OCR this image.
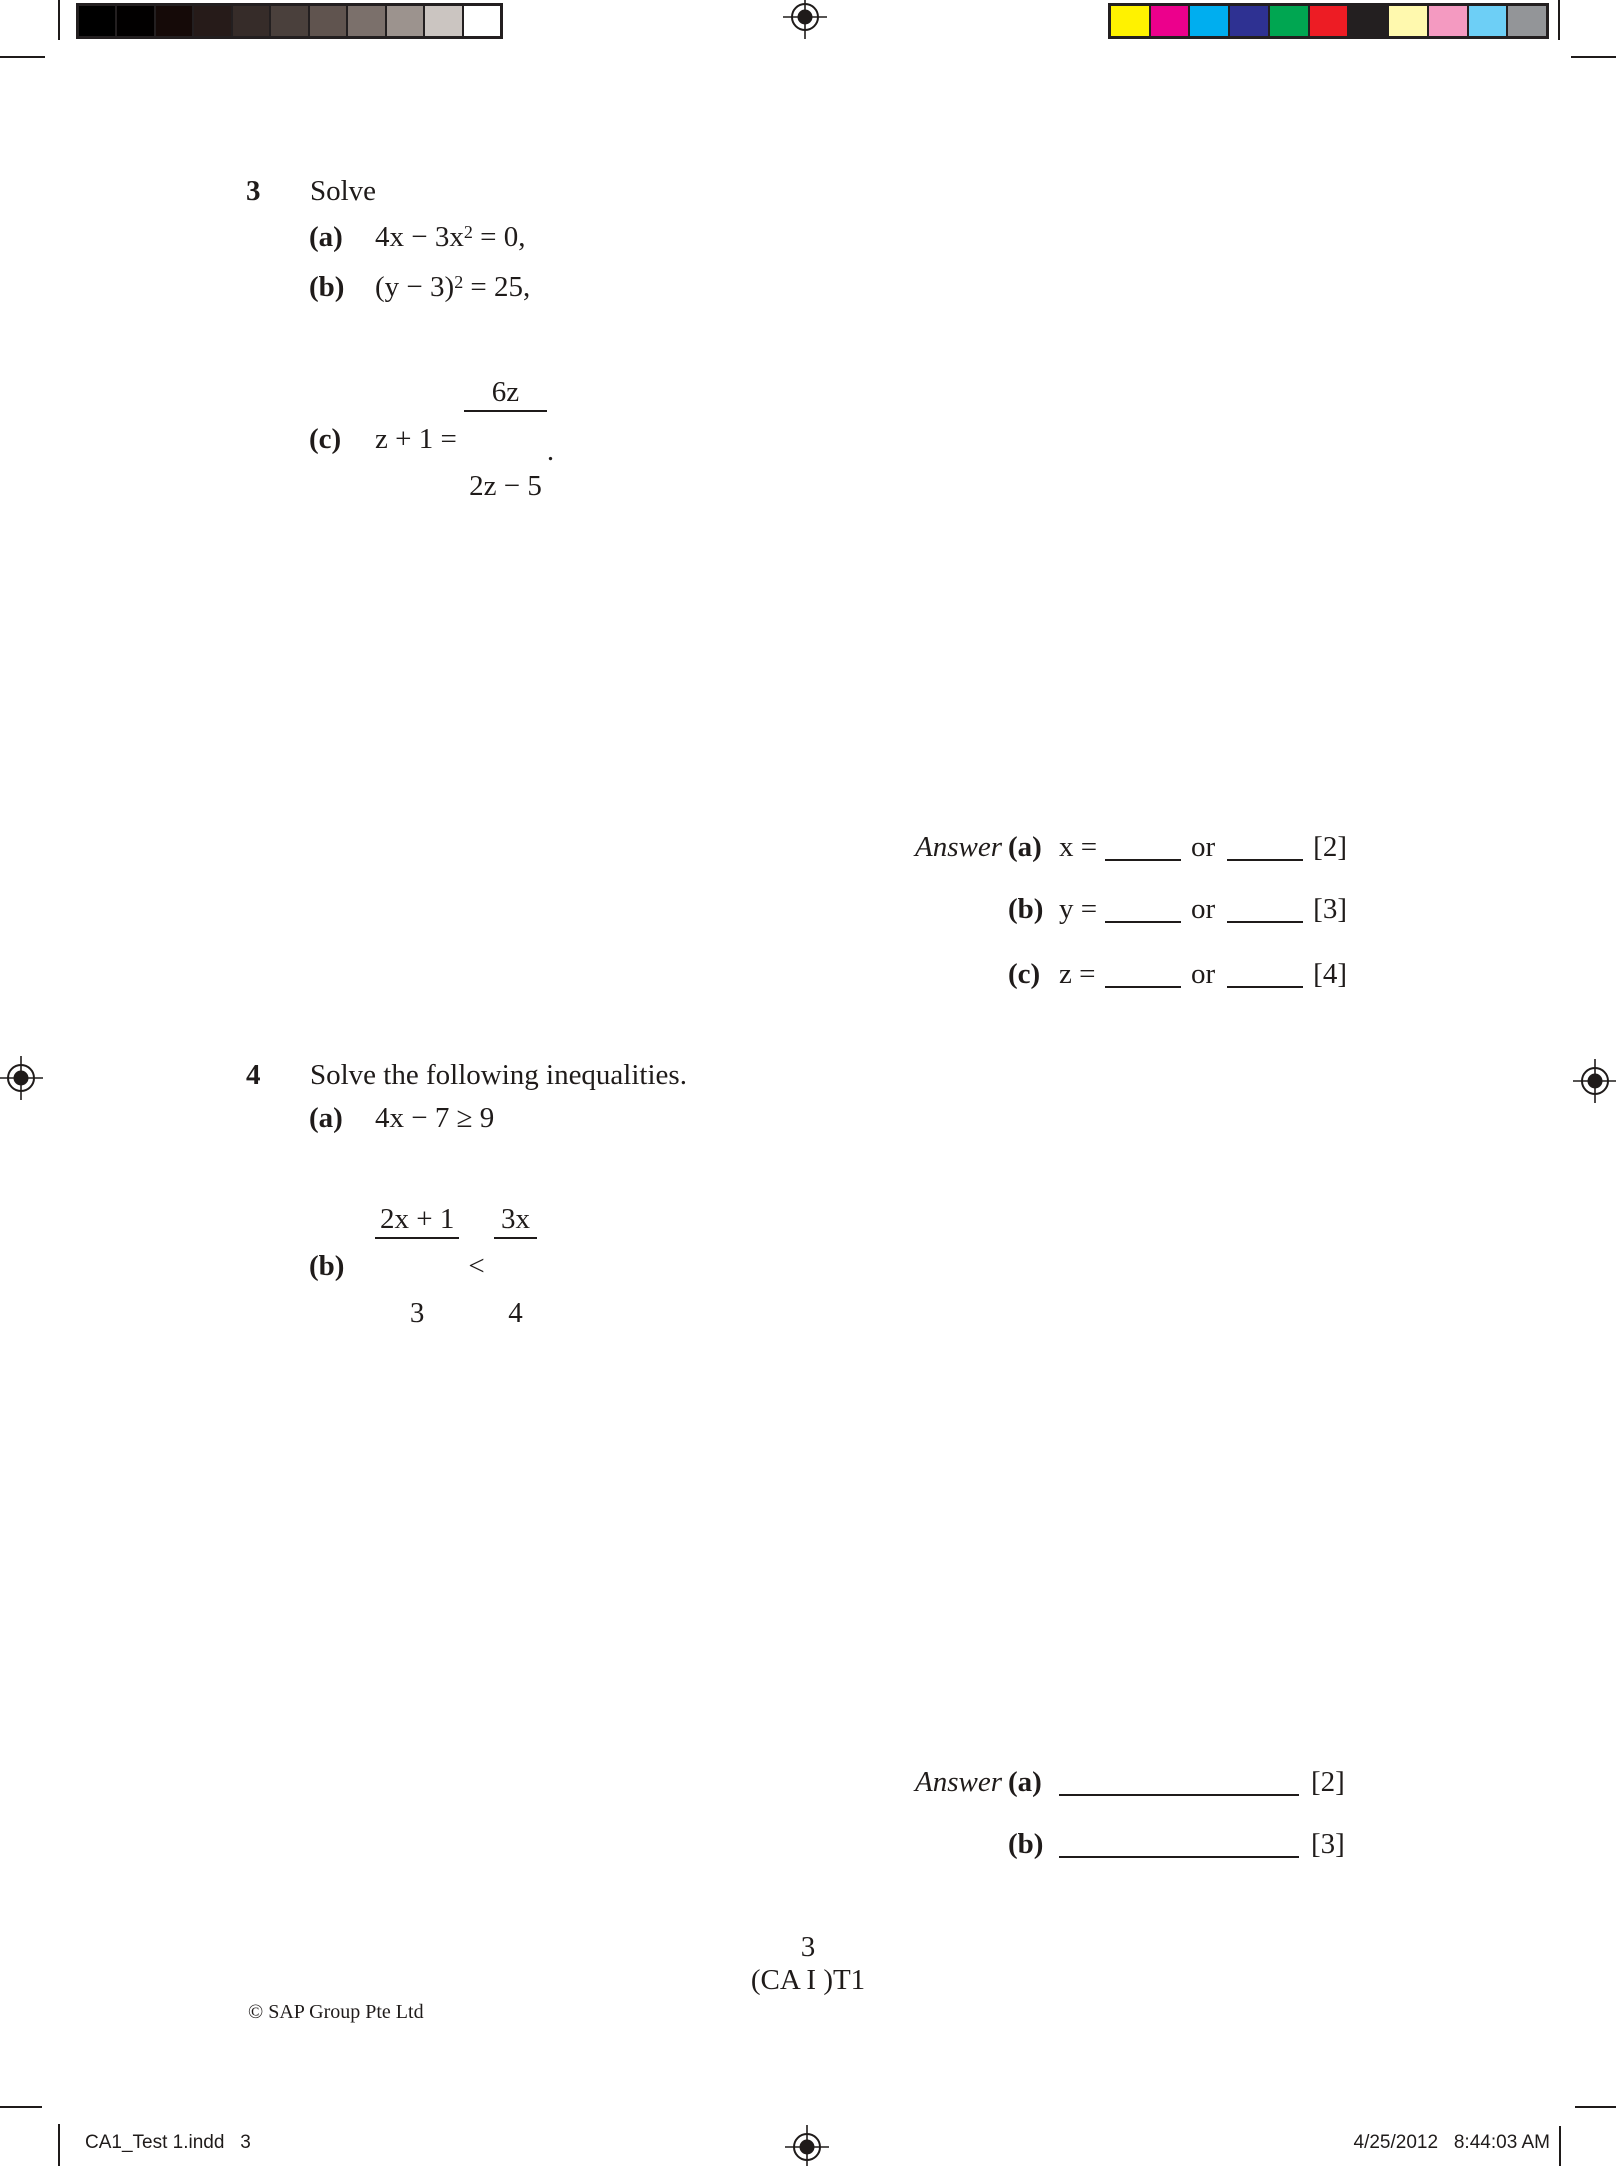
3	Solve
(a)	$4x - 3x^2 = 0$,
(b)	$(y - 3)^2 = 25$,
(c)	z + 1 =

$\frac{6z}{2z - 5}$

.
Answer (a) x =	or	[2]
(b) y =	or	[3]
(c) z =	or	[4]
4	Solve the following inequalities.
(a)	4x − 7 ≥ 9
(b)

	$\frac{2x + 1}{3}$

<

$\frac{3x}{4}$

Answer (a)	[2]
(b)	[3]
3
(CA I )T1
© SAP Group Pte Ltd
CA1_Test 1.indd   3	4/25/2012   8:44:03 AM
